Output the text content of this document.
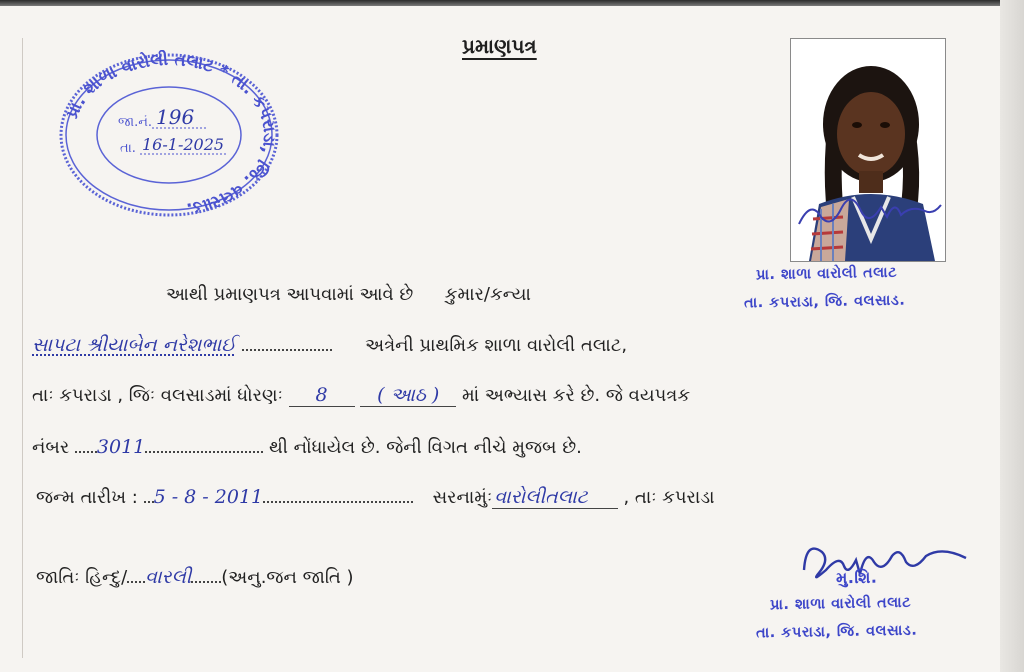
પ્રમાણપત્ર
પ્રા. શાળા વારોલી તલાટ * તા. કપરાડા, જિ. વલસાડ.
જા.નં. 196
તા. 16-1-2025
પ્રા. શાળા વારોલી તલાટ
તા. કપરાડા, જિ. વલસાડ.
આથી પ્રમાણપત્ર આપવામાં આવે છે કુમાર/કન્યા
સાપટા શ્રીયાબેન નરેશભાઈ	અત્રેની પ્રાથમિક શાળા વારોલી તલાટ,
તાઃ કપરાડા , જિઃ વલસાડમાં ધોરણઃ 8	( આઠ ) માં અભ્યાસ કરે છે. જે વયપત્રક
નંબર 3011	થી નોંધાયેલ છે. જેની વિગત નીચે મુજબ છે.
જન્મ તારીખ : 5 - 8 - 2011	સરનામુંઃ વારોલીતલાટ , તાઃ કપરાડા
જાતિઃ હિન્દુ/ વારલી (અનુ.જન જાતિ )	મુ.શિ.
પ્રા. શાળા વારોલી તલાટ
તા. કપરાડા, જિ. વલસાડ.
